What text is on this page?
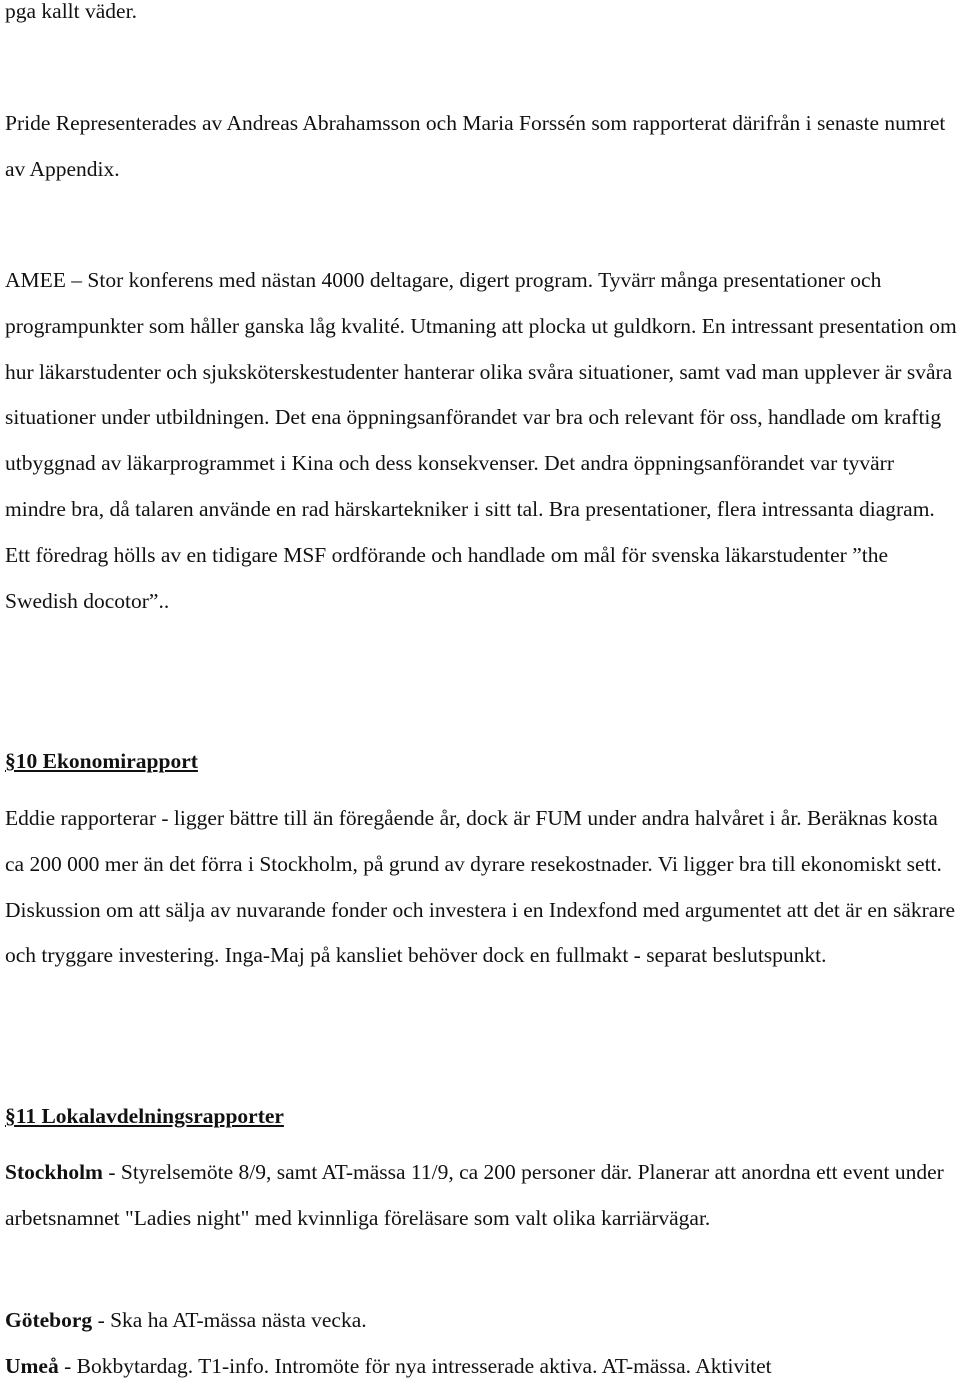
pga kallt väder.

Pride Representerades av Andreas Abrahamsson och Maria Forssén som rapporterat därifrån i senaste numret av Appendix.

AMEE – Stor konferens med nästan 4000 deltagare, digert program. Tyvärr många presentationer och programpunkter som håller ganska låg kvalité. Utmaning att plocka ut guldkorn. En intressant presentation om hur läkarstudenter och sjuksköterskestudenter hanterar olika svåra situationer, samt vad man upplever är svåra situationer under utbildningen. Det ena öppningsanförandet var bra och relevant för oss, handlade om kraftig utbyggnad av läkarprogrammet i Kina och dess konsekvenser. Det andra öppningsanförandet var tyvärr mindre bra, då talaren använde en rad härskartekniker i sitt tal. Bra presentationer, flera intressanta diagram. Ett föredrag hölls av en tidigare MSF ordförande och handlade om mål för svenska läkarstudenter ”the Swedish docotor”..

§10 Ekonomirapport

Eddie rapporterar - ligger bättre till än föregående år, dock är FUM under andra halvåret i år. Beräknas kosta ca 200 000 mer än det förra i Stockholm, på grund av dyrare resekostnader. Vi ligger bra till ekonomiskt sett. Diskussion om att sälja av nuvarande fonder och investera i en Indexfond med argumentet att det är en säkrare och tryggare investering. Inga-Maj på kansliet behöver dock en fullmakt - separat beslutspunkt.

§11 Lokalavdelningsrapporter

Stockholm - Styrelsemöte 8/9, samt AT-mässa 11/9, ca 200 personer där. Planerar att anordna ett event under arbetsnamnet "Ladies night" med kvinnliga föreläsare som valt olika karriärvägar.

Göteborg - Ska ha AT-mässa nästa vecka.

Umeå - Bokbytardag. T1-info. Intromöte för nya intresserade aktiva. AT-mässa. Aktivitet
